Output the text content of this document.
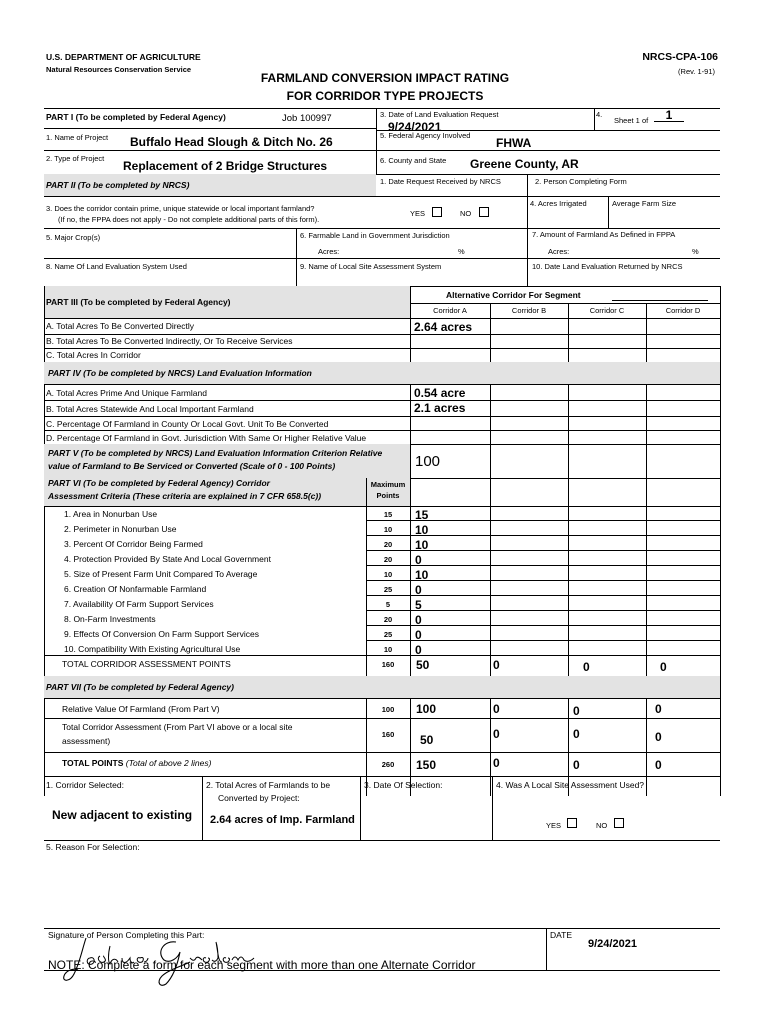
U.S. DEPARTMENT OF AGRICULTURE
Natural Resources Conservation Service
NRCS-CPA-106
(Rev. 1-91)
FARMLAND CONVERSION IMPACT RATING
FOR CORRIDOR TYPE PROJECTS
PART I (To be completed by Federal Agency)	Job 100997	3. Date of Land Evaluation Request
9/24/2021
4.
Sheet 1 of	1
1. Name of Project Buffalo Head Slough & Ditch No. 26	5. Federal Agency Involved
FHWA
2. Type of Project
Replacement of 2 Bridge Structures	6. County and State Greene County, AR
PART II (To be completed by NRCS)	1. Date Request Received by NRCS	2. Person Completing Form
3. Does the corridor contain prime, unique statewide or local important farmland?
(If no, the FPPA does not apply - Do not complete additional parts of this form).
YES	NO
4. Acres Irrigated	Average Farm Size
5. Major Crop(s)	6. Farmable Land in Government Jurisdiction
Acres:	%
7. Amount of Farmland As Defined in FPPA
Acres:	%
8. Name Of Land Evaluation System Used	9. Name of Local Site Assessment System	10. Date Land Evaluation Returned by NRCS
PART III (To be completed by Federal Agency)
Alternative Corridor For Segment
Corridor A	Corridor B	Corridor C	Corridor D
A. Total Acres To Be Converted Directly	2.64 acres
B. Total Acres To Be Converted Indirectly, Or To Receive Services
C. Total Acres In Corridor
PART IV (To be completed by NRCS) Land Evaluation Information
A. Total Acres Prime And Unique Farmland	0.54 acre
B. Total Acres Statewide And Local Important Farmland	2.1 acres
C. Percentage Of Farmland in County Or Local Govt. Unit To Be Converted
D. Percentage Of Farmland in Govt. Jurisdiction With Same Or Higher Relative Value
PART V (To be completed by NRCS) Land Evaluation Information Criterion Relative
value of Farmland to Be Serviced or Converted (Scale of 0 - 100 Points)	100
PART VI (To be completed by Federal Agency) Corridor
Assessment Criteria (These criteria are explained in 7 CFR 658.5(c))
Maximum
Points
1. Area in Nonurban Use	15	15
2. Perimeter in Nonurban Use	10	10
3. Percent Of Corridor Being Farmed	20	10
4. Protection Provided By State And Local Government	20	0
5. Size of Present Farm Unit Compared To Average	10	10
6. Creation Of Nonfarmable Farmland	25	0
7. Availability Of Farm Support Services	5	5
8. On-Farm Investments	20	0
9. Effects Of Conversion On Farm Support Services	25	0
10. Compatibility With Existing Agricultural Use	10	0
TOTAL CORRIDOR ASSESSMENT POINTS	160	50	0	0	0
PART VII (To be completed by Federal Agency)
Relative Value Of Farmland (From Part V)	100	100	0	0	0
Total Corridor Assessment (From Part VI above or a local site
assessment)
160	50	0	0	0
TOTAL POINTS (Total of above 2 lines)	260	150	0	0	0
1. Corridor Selected:
New adjacent to existing
2. Total Acres of Farmlands to be
Converted by Project:
2.64 acres of Imp. Farmland
3. Date Of Selection:	4. Was A Local Site Assessment Used?
YES	NO
5. Reason For Selection:
Signature of Person Completing this Part:	DATE
9/24/2021
NOTE: Complete a form for each segment with more than one Alternate Corridor
